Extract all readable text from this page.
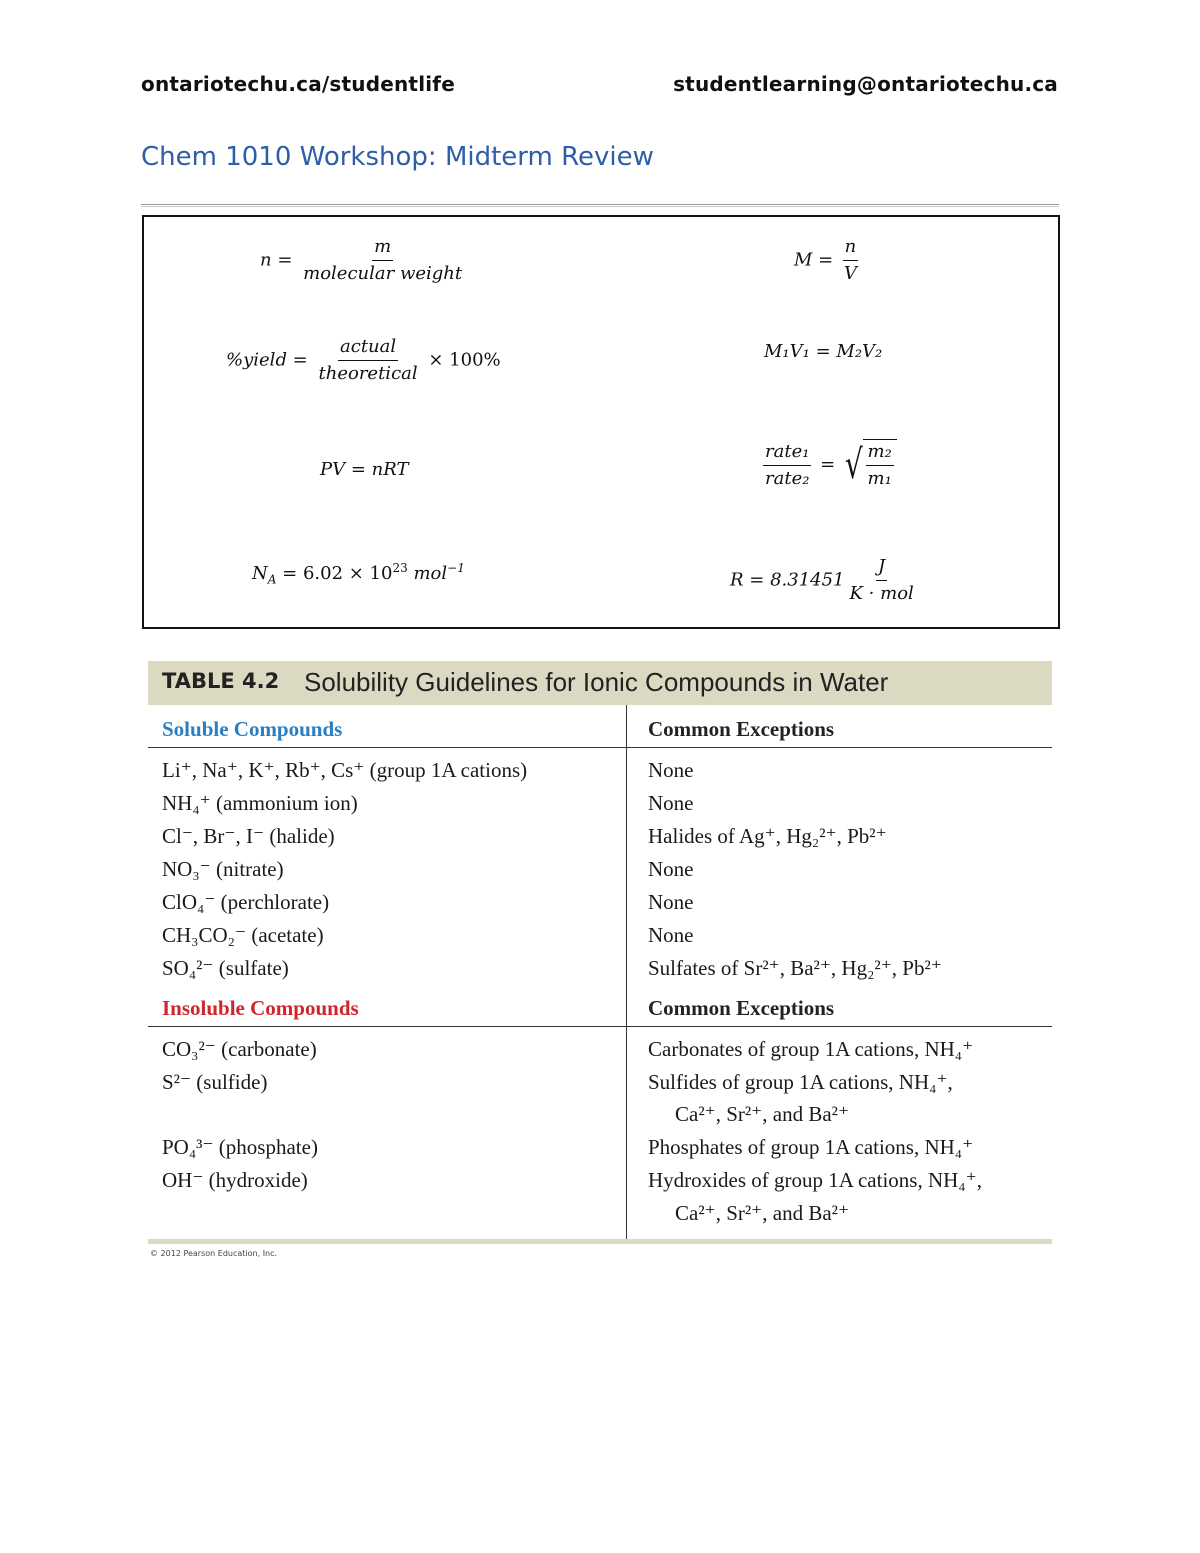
ontariotechu.ca/studentlife	studentlearning@ontariotechu.ca
Chem 1010 Workshop: Midterm Review
$n = \frac{m}{\text{molecular weight}}$	$M = \frac{n}{V}$
%yield = $\frac{\text{actual}}{\text{theoretical}} \times 100\%$	M₁V₁ = M₂V₂
PV = nRT	$\frac{\text{rate₁}}{\text{rate₂}}$ = √ $\frac{\text{m₂}}{\text{m₁}}$
$N_A = 6.02 \times 10^{23}$ mol$^{-1}$
$R = 8.31451 \frac{J}{\text{K · mol}}$
TABLE 4.2 Solubility Guidelines for Ionic Compounds in Water
Soluble Compounds	Common Exceptions
Li⁺, Na⁺, K⁺, Rb⁺, Cs⁺ (group 1A cations)	None
NH₄⁺ (ammonium ion)	None
Cl⁻, Br⁻, I⁻ (halide)	Halides of Ag⁺, Hg₂²⁺, Pb²⁺
NO₃⁻ (nitrate)	None
ClO₄⁻ (perchlorate)	None
CH₃CO₂⁻ (acetate)	None
SO₄²⁻ (sulfate)	Sulfates of Sr²⁺, Ba²⁺, Hg₂²⁺, Pb²⁺
Insoluble Compounds	Common Exceptions
CO₃²⁻ (carbonate)	Carbonates of group 1A cations, NH₄⁺
S²⁻ (sulfide)	Sulfides of group 1A cations, NH₄⁺,
Ca²⁺, Sr²⁺, and Ba²⁺
PO₄³⁻ (phosphate)	Phosphates of group 1A cations, NH₄⁺
OH⁻ (hydroxide)	Hydroxides of group 1A cations, NH₄⁺,
Ca²⁺, Sr²⁺, and Ba²⁺
© 2012 Pearson Education, Inc.
